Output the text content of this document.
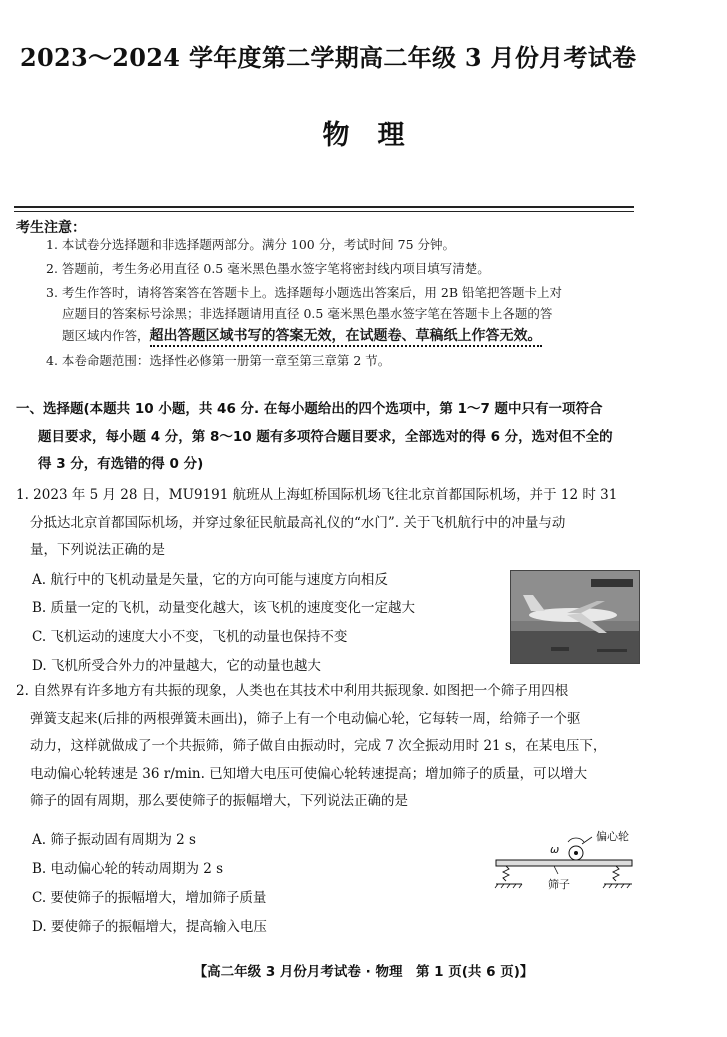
2023～2024 学年度第二学期高二年级 3 月份月考试卷
物理
考生注意：
1. 本试卷分选择题和非选择题两部分。满分 100 分，考试时间 75 分钟。
2. 答题前，考生务必用直径 0.5 毫米黑色墨水签字笔将密封线内项目填写清楚。
3. 考生作答时，请将答案答在答题卡上。选择题每小题选出答案后，用 2B 铅笔把答题卡上对
应题目的答案标号涂黑；非选择题请用直径 0.5 毫米黑色墨水签字笔在答题卡上各题的答
题区域内作答，超出答题区域书写的答案无效，在试题卷、草稿纸上作答无效。
4. 本卷命题范围：选择性必修第一册第一章至第三章第 2 节。
一、选择题(本题共 10 小题，共 46 分. 在每小题给出的四个选项中，第 1～7 题中只有一项符合
题目要求，每小题 4 分，第 8～10 题有多项符合题目要求，全部选对的得 6 分，选对但不全的
得 3 分，有选错的得 0 分)
1. 2023 年 5 月 28 日，MU9191 航班从上海虹桥国际机场飞往北京首都国际机场，并于 12 时 31
分抵达北京首都国际机场，并穿过象征民航最高礼仪的“水门”. 关于飞机航行中的冲量与动
量，下列说法正确的是
A. 航行中的飞机动量是矢量，它的方向可能与速度方向相反
B. 质量一定的飞机，动量变化越大，该飞机的速度变化一定越大
C. 飞机运动的速度大小不变，飞机的动量也保持不变
D. 飞机所受合外力的冲量越大，它的动量也越大
2. 自然界有许多地方有共振的现象，人类也在其技术中利用共振现象. 如图把一个筛子用四根
弹簧支起来(后排的两根弹簧未画出)，筛子上有一个电动偏心轮，它每转一周，给筛子一个驱
动力，这样就做成了一个共振筛，筛子做自由振动时，完成 7 次全振动用时 21 s，在某电压下，
电动偏心轮转速是 36 r/min. 已知增大电压可使偏心轮转速提高；增加筛子的质量，可以增大
筛子的固有周期，那么要使筛子的振幅增大，下列说法正确的是
A. 筛子振动固有周期为 2 s
B. 电动偏心轮的转动周期为 2 s
C. 要使筛子的振幅增大，增加筛子质量
D. 要使筛子的振幅增大，提高输入电压
偏心轮
ω
筛子
【高二年级 3 月份月考试卷 · 物理　第 1 页(共 6 页)】
